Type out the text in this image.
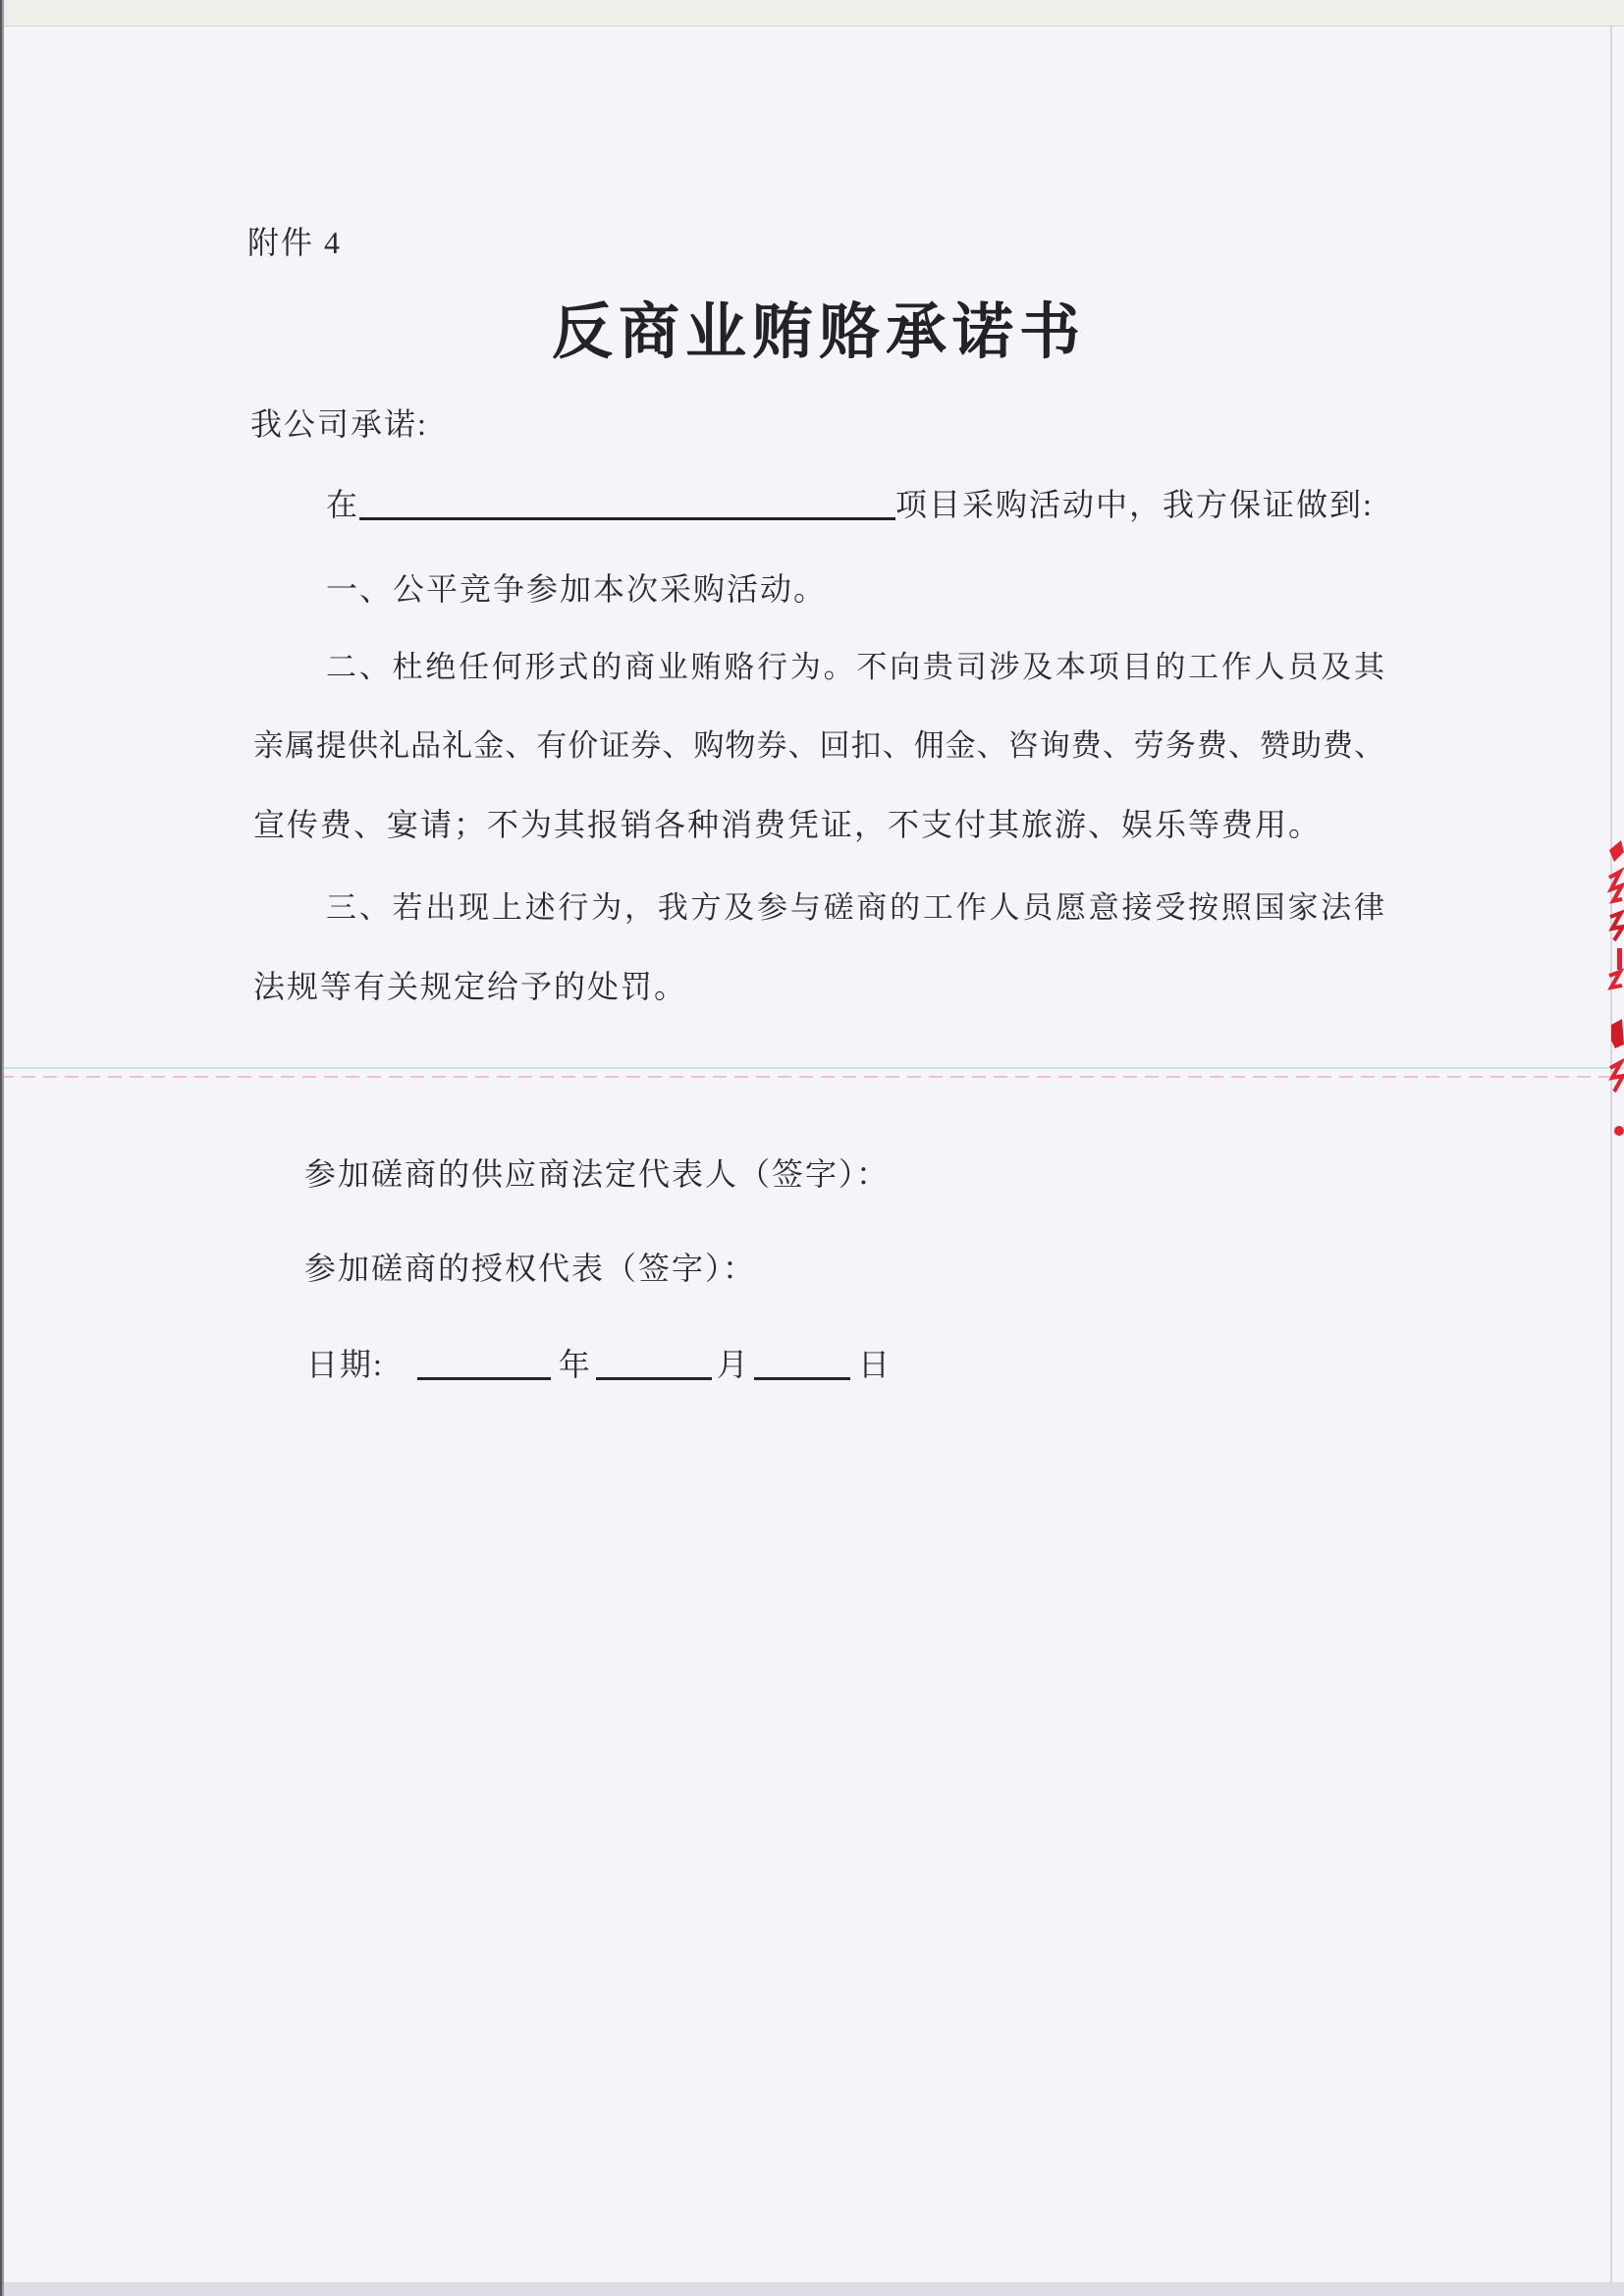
附件 4
反商业贿赂承诺书
我公司承诺:
在	项目采购活动中，我方保证做到:
一、公平竞争参加本次采购活动。
二、杜绝任何形式的商业贿赂行为。不向贵司涉及本项目的工作人员及其
亲属提供礼品礼金、有价证券、购物券、回扣、佣金、咨询费、劳务费、赞助费、
宣传费、宴请；不为其报销各种消费凭证，不支付其旅游、娱乐等费用。
三、若出现上述行为，我方及参与磋商的工作人员愿意接受按照国家法律
法规等有关规定给予的处罚。
参加磋商的供应商法定代表人（签字）：
参加磋商的授权代表（签字）：
日期:	年	月	日
